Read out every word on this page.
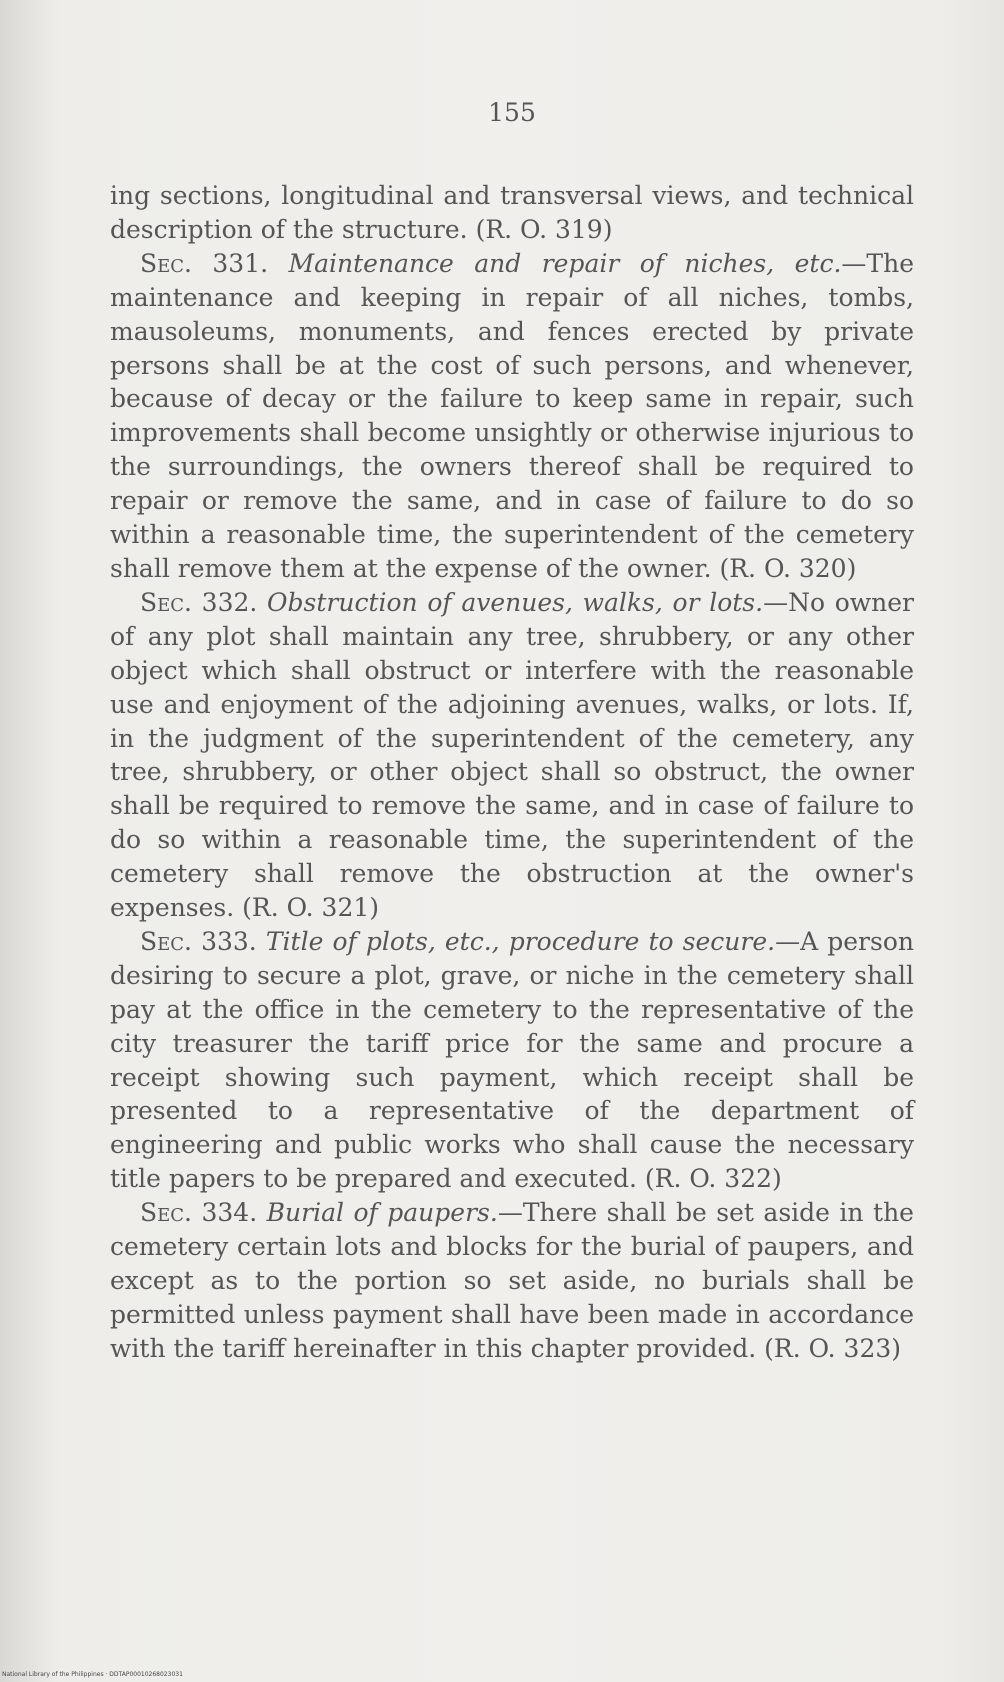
155

ing sections, longitudinal and transversal views, and technical description of the structure. (R. O. 319)

Sec. 331. Maintenance and repair of niches, etc.—The maintenance and keeping in repair of all niches, tombs, mausoleums, monuments, and fences erected by private persons shall be at the cost of such persons, and whenever, because of decay or the failure to keep same in repair, such improvements shall become unsightly or otherwise injurious to the surroundings, the owners thereof shall be required to repair or remove the same, and in case of failure to do so within a reasonable time, the superintendent of the cemetery shall remove them at the expense of the owner. (R. O. 320)

Sec. 332. Obstruction of avenues, walks, or lots.—No owner of any plot shall maintain any tree, shrubbery, or any other object which shall obstruct or interfere with the reasonable use and enjoyment of the adjoining avenues, walks, or lots. If, in the judgment of the superintendent of the cemetery, any tree, shrubbery, or other object shall so obstruct, the owner shall be required to remove the same, and in case of failure to do so within a reasonable time, the superintendent of the cemetery shall remove the obstruction at the owner's expenses. (R. O. 321)

Sec. 333. Title of plots, etc., procedure to secure.—A person desiring to secure a plot, grave, or niche in the cemetery shall pay at the office in the cemetery to the representative of the city treasurer the tariff price for the same and procure a receipt showing such payment, which receipt shall be presented to a representative of the department of engineering and public works who shall cause the necessary title papers to be prepared and executed. (R. O. 322)

Sec. 334. Burial of paupers.—There shall be set aside in the cemetery certain lots and blocks for the burial of paupers, and except as to the portion so set aside, no burials shall be permitted unless payment shall have been made in accordance with the tariff hereinafter in this chapter provided. (R. O. 323)

National Library of the Philippines · DDTAP00010268023031
